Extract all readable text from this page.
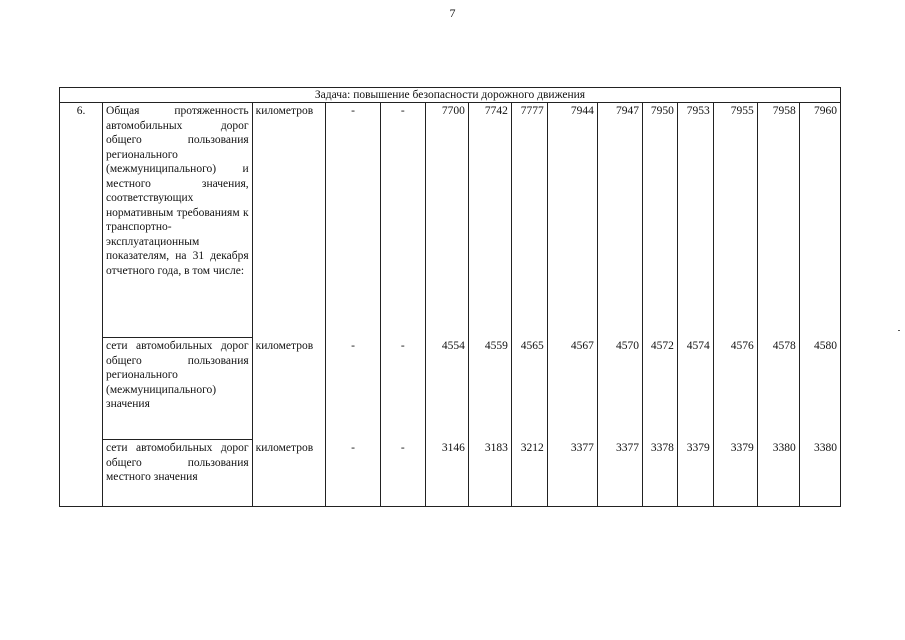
7
Задача: повышение безопасности дорожного движения														
6.	Общая протяженность автомобильных дорог общего пользования регионального (межмуниципального) и местного значения, соответствующих нормативным требованиям к транспортно-эксплуатационным показателям, на 31 декабря отчетного года, в том числе:	километров	-	-	7700	7742	7777	7944	7947	7950	7953	7955	7958	7960
	сети автомобильных дорог общего пользования регионального (межмуниципального) значения	километров	-	-	4554	4559	4565	4567	4570	4572	4574	4576	4578	4580
	сети автомобильных дорог общего пользования местного значения	километров	-	-	3146	3183	3212	3377	3377	3378	3379	3379	3380	3380
